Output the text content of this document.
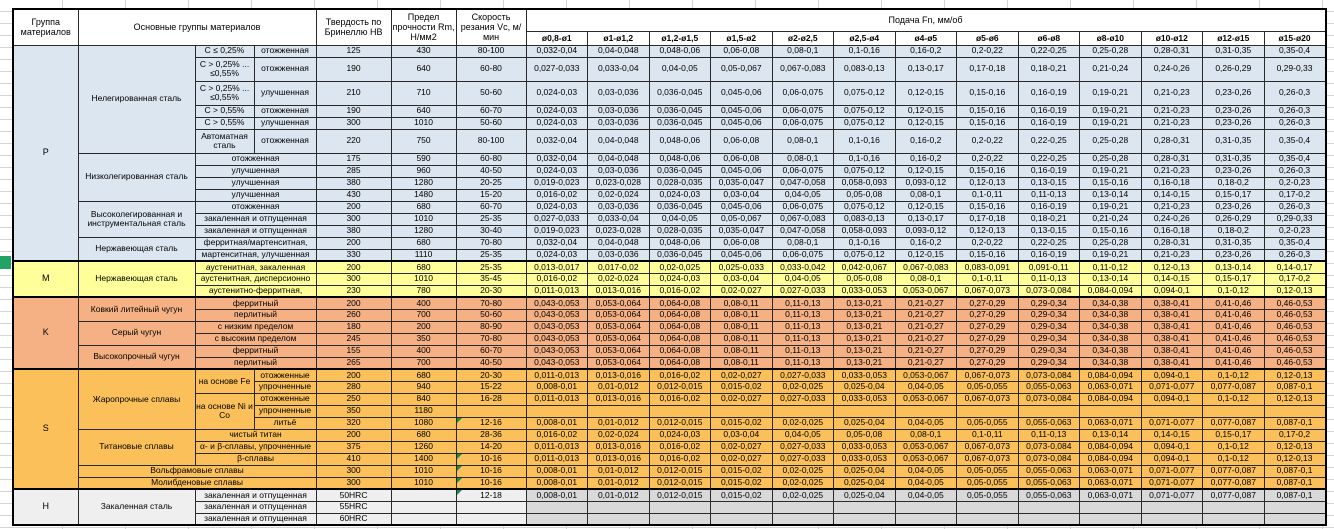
Группа материалов	Основные группы материалов			Твердость по Бринеллю HB	Предел прочности Rm, Н/мм2	Скорость резания Vc, м/мин	Подача Fn, мм/об												
							ø0,8-ø1	ø1-ø1,2	ø1,2-ø1,5	ø1,5-ø2	ø2-ø2,5	ø2,5-ø4	ø4-ø5	ø5-ø6	ø6-ø8	ø8-ø10	ø10-ø12	ø12-ø15	ø15-ø20
P	Нелегированная сталь	C ≤ 0,25%	отожженная	125	430	80-100	0,032-0,04	0,04-0,048	0,048-0,06	0,06-0,08	0,08-0,1	0,1-0,16	0,16-0,2	0,2-0,22	0,22-0,25	0,25-0,28	0,28-0,31	0,31-0,35	0,35-0,4
		C > 0,25% ... ≤0,55%	отожженная	190	640	60-80	0,027-0,033	0,033-0,04	0,04-0,05	0,05-0,067	0,067-0,083	0,083-0,13	0,13-0,17	0,17-0,18	0,18-0,21	0,21-0,24	0,24-0,26	0,26-0,29	0,29-0,33
		C > 0,25% ... ≤0,55%	улучшенная	210	710	50-60	0,024-0,03	0,03-0,036	0,036-0,045	0,045-0,06	0,06-0,075	0,075-0,12	0,12-0,15	0,15-0,16	0,16-0,19	0,19-0,21	0,21-0,23	0,23-0,26	0,26-0,3
		C > 0,55%	отожженная	190	640	60-70	0,024-0,03	0,03-0,036	0,036-0,045	0,045-0,06	0,06-0,075	0,075-0,12	0,12-0,15	0,15-0,16	0,16-0,19	0,19-0,21	0,21-0,23	0,23-0,26	0,26-0,3
		C > 0,55%	улучшенная	300	1010	50-60	0,024-0,03	0,03-0,036	0,036-0,045	0,045-0,06	0,06-0,075	0,075-0,12	0,12-0,15	0,15-0,16	0,16-0,19	0,19-0,21	0,21-0,23	0,23-0,26	0,26-0,3
		Автоматная сталь	отожженная	220	750	80-100	0,032-0,04	0,04-0,048	0,048-0,06	0,06-0,08	0,08-0,1	0,1-0,16	0,16-0,2	0,2-0,22	0,22-0,25	0,25-0,28	0,28-0,31	0,31-0,35	0,35-0,4
	Низколегированная сталь	отожженная		175	590	60-80	0,032-0,04	0,04-0,048	0,048-0,06	0,06-0,08	0,08-0,1	0,1-0,16	0,16-0,2	0,2-0,22	0,22-0,25	0,25-0,28	0,28-0,31	0,31-0,35	0,35-0,4
		улучшенная		285	960	40-50	0,024-0,03	0,03-0,036	0,036-0,045	0,045-0,06	0,06-0,075	0,075-0,12	0,12-0,15	0,15-0,16	0,16-0,19	0,19-0,21	0,21-0,23	0,23-0,26	0,26-0,3
		улучшенная		380	1280	20-25	0,019-0,023	0,023-0,028	0,028-0,035	0,035-0,047	0,047-0,058	0,058-0,093	0,093-0,12	0,12-0,13	0,13-0,15	0,15-0,16	0,16-0,18	0,18-0,2	0,2-0,23
		улучшенная		430	1480	15-20	0,016-0,02	0,02-0,024	0,024-0,03	0,03-0,04	0,04-0,05	0,05-0,08	0,08-0,1	0,1-0,11	0,11-0,13	0,13-0,14	0,14-0,15	0,15-0,17	0,17-0,2
	Высоколегированная и инструментальная сталь	отожженная		200	680	60-70	0,024-0,03	0,03-0,036	0,036-0,045	0,045-0,06	0,06-0,075	0,075-0,12	0,12-0,15	0,15-0,16	0,16-0,19	0,19-0,21	0,21-0,23	0,23-0,26	0,26-0,3
		закаленная и отпущенная		300	1010	25-35	0,027-0,033	0,033-0,04	0,04-0,05	0,05-0,067	0,067-0,083	0,083-0,13	0,13-0,17	0,17-0,18	0,18-0,21	0,21-0,24	0,24-0,26	0,26-0,29	0,29-0,33
		закаленная и отпущенная		380	1280	30-40	0,019-0,023	0,023-0,028	0,028-0,035	0,035-0,047	0,047-0,058	0,058-0,093	0,093-0,12	0,12-0,13	0,13-0,15	0,15-0,16	0,16-0,18	0,18-0,2	0,2-0,23
	Нержавеющая сталь	ферритная/мартенситная,		200	680	70-80	0,032-0,04	0,04-0,048	0,048-0,06	0,06-0,08	0,08-0,1	0,1-0,16	0,16-0,2	0,2-0,22	0,22-0,25	0,25-0,28	0,28-0,31	0,31-0,35	0,35-0,4
		мартенситная, улучшенная		330	1110	25-35	0,024-0,03	0,03-0,036	0,036-0,045	0,045-0,06	0,06-0,075	0,075-0,12	0,12-0,15	0,15-0,16	0,16-0,19	0,19-0,21	0,21-0,23	0,23-0,26	0,26-0,3
M	Нержавеющая сталь	аустенитная, закаленная		200	680	25-35	0,013-0,017	0,017-0,02	0,02-0,025	0,025-0,033	0,033-0,042	0,042-0,067	0,067-0,083	0,083-0,091	0,091-0,11	0,11-0,12	0,12-0,13	0,13-0,14	0,14-0,17
		аустенитная, дисперсионно		300	1010	35-45	0,016-0,02	0,02-0,024	0,024-0,03	0,03-0,04	0,04-0,05	0,05-0,08	0,08-0,1	0,1-0,11	0,11-0,13	0,13-0,14	0,14-0,15	0,15-0,17	0,17-0,2
		аустенитно-ферритная,		230	780	20-30	0,011-0,013	0,013-0,016	0,016-0,02	0,02-0,027	0,027-0,033	0,033-0,053	0,053-0,067	0,067-0,073	0,073-0,084	0,084-0,094	0,094-0,1	0,1-0,12	0,12-0,13
K	Ковкий литейный чугун	ферритный		200	400	70-80	0,043-0,053	0,053-0,064	0,064-0,08	0,08-0,11	0,11-0,13	0,13-0,21	0,21-0,27	0,27-0,29	0,29-0,34	0,34-0,38	0,38-0,41	0,41-0,46	0,46-0,53
		перлитный		260	700	50-60	0,043-0,053	0,053-0,064	0,064-0,08	0,08-0,11	0,11-0,13	0,13-0,21	0,21-0,27	0,27-0,29	0,29-0,34	0,34-0,38	0,38-0,41	0,41-0,46	0,46-0,53
	Серый чугун	с низким пределом		180	200	80-90	0,043-0,053	0,053-0,064	0,064-0,08	0,08-0,11	0,11-0,13	0,13-0,21	0,21-0,27	0,27-0,29	0,29-0,34	0,34-0,38	0,38-0,41	0,41-0,46	0,46-0,53
		с высоким пределом		245	350	70-80	0,043-0,053	0,053-0,064	0,064-0,08	0,08-0,11	0,11-0,13	0,13-0,21	0,21-0,27	0,27-0,29	0,29-0,34	0,34-0,38	0,38-0,41	0,41-0,46	0,46-0,53
	Высокопрочный чугун	ферритный		155	400	60-70	0,043-0,053	0,053-0,064	0,064-0,08	0,08-0,11	0,11-0,13	0,13-0,21	0,21-0,27	0,27-0,29	0,29-0,34	0,34-0,38	0,38-0,41	0,41-0,46	0,46-0,53
		перлитный		265	700	40-50	0,043-0,053	0,053-0,064	0,064-0,08	0,08-0,11	0,11-0,13	0,13-0,21	0,21-0,27	0,27-0,29	0,29-0,34	0,34-0,38	0,38-0,41	0,41-0,46	0,46-0,53
S	Жаропрочные сплавы	на основе Fe	отожженные	200	680	20-30	0,011-0,013	0,013-0,016	0,016-0,02	0,02-0,027	0,027-0,033	0,033-0,053	0,053-0,067	0,067-0,073	0,073-0,084	0,084-0,094	0,094-0,1	0,1-0,12	0,12-0,13
			упрочненные	280	940	15-22	0,008-0,01	0,01-0,012	0,012-0,015	0,015-0,02	0,02-0,025	0,025-0,04	0,04-0,05	0,05-0,055	0,055-0,063	0,063-0,071	0,071-0,077	0,077-0,087	0,087-0,1
		на основе Ni и Со	отожженные	250	840	16-28	0,011-0,013	0,013-0,016	0,016-0,02	0,02-0,027	0,027-0,033	0,033-0,053	0,053-0,067	0,067-0,073	0,073-0,084	0,084-0,094	0,094-0,1	0,1-0,12	0,12-0,13
			упрочненные	350	1180														
			литьё	320	1080	12-16	0,008-0,01	0,01-0,012	0,012-0,015	0,015-0,02	0,02-0,025	0,025-0,04	0,04-0,05	0,05-0,055	0,055-0,063	0,063-0,071	0,071-0,077	0,077-0,087	0,087-0,1
	Титановые сплавы	чистый титан		200	680	28-36	0,016-0,02	0,02-0,024	0,024-0,03	0,03-0,04	0,04-0,05	0,05-0,08	0,08-0,1	0,1-0,11	0,11-0,13	0,13-0,14	0,14-0,15	0,15-0,17	0,17-0,2
		α- и β-сплавы, упрочненные		375	1260	14-20	0,011-0,013	0,013-0,016	0,016-0,02	0,02-0,027	0,027-0,033	0,033-0,053	0,053-0,067	0,067-0,073	0,073-0,084	0,084-0,094	0,094-0,1	0,1-0,12	0,12-0,13
		β-сплавы		410	1400	10-16	0,011-0,013	0,013-0,016	0,016-0,02	0,02-0,027	0,027-0,033	0,033-0,053	0,053-0,067	0,067-0,073	0,073-0,084	0,084-0,094	0,094-0,1	0,1-0,12	0,12-0,13
	Вольфрамовые сплавы			300	1010	10-16	0,008-0,01	0,01-0,012	0,012-0,015	0,015-0,02	0,02-0,025	0,025-0,04	0,04-0,05	0,05-0,055	0,055-0,063	0,063-0,071	0,071-0,077	0,077-0,087	0,087-0,1
	Молибденовые сплавы			300	1010	10-16	0,008-0,01	0,01-0,012	0,012-0,015	0,015-0,02	0,02-0,025	0,025-0,04	0,04-0,05	0,05-0,055	0,055-0,063	0,063-0,071	0,071-0,077	0,077-0,087	0,087-0,1
H	Закаленная сталь	закаленная и отпущенная		50HRC		12-18	0,008-0,01	0,01-0,012	0,012-0,015	0,015-0,02	0,02-0,025	0,025-0,04	0,04-0,05	0,05-0,055	0,055-0,063	0,063-0,071	0,071-0,077	0,077-0,087	0,087-0,1
		закаленная и отпущенная		55HRC															
		закаленная и отпущенная		60HRC															
